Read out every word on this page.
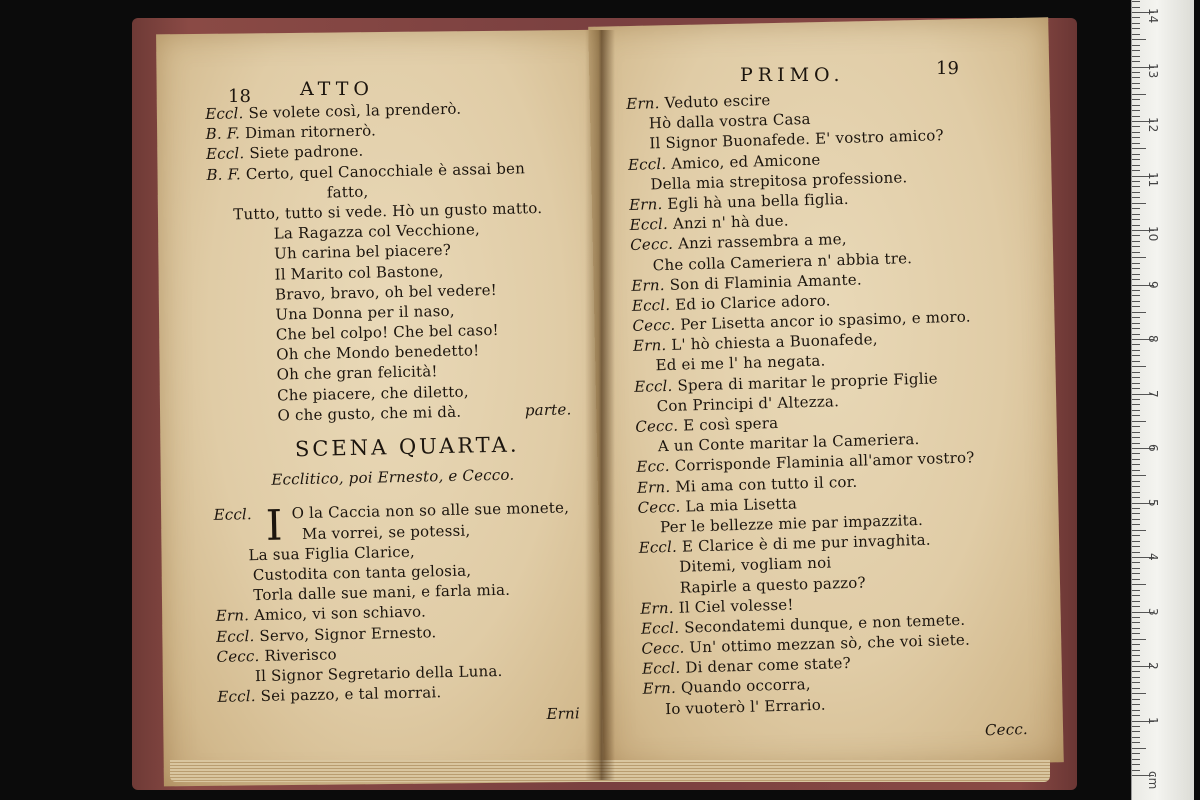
18	ATTO
PRIMO.	19
Eccl. Se volete così, la prenderò.
B. F. Diman ritornerò.
Eccl. Siete padrone.
B. F. Certo, quel Canocchiale è assai ben
fatto,
Tutto, tutto si vede. Hò un gusto matto.
La Ragazza col Vecchione,
Uh carina bel piacere?
Il Marito col Bastone,
Bravo, bravo, oh bel vedere!
Una Donna per il naso,
Che bel colpo! Che bel caso!
Oh che Mondo benedetto!
Oh che gran felicità!
Che piacere, che diletto,
O che gusto, che mi dà.	parte.
SCENA QUARTA.
Ecclitico, poi Ernesto, e Cecco.
I
Eccl.	O la Caccia non so alle sue monete,
Ma vorrei, se potessi,
La sua Figlia Clarice,
Custodita con tanta gelosia,
Torla dalle sue mani, e farla mia.
Ern. Amico, vi son schiavo.
Eccl. Servo, Signor Ernesto.
Cecc. Riverisco
Il Signor Segretario della Luna.
Eccl. Sei pazzo, e tal morrai.
Erni
Ern. Veduto escire
Hò dalla vostra Casa
Il Signor Buonafede. E' vostro amico?
Eccl. Amico, ed Amicone
Della mia strepitosa professione.
Ern. Egli hà una bella figlia.
Eccl. Anzi n' hà due.
Cecc. Anzi rassembra a me,
Che colla Cameriera n' abbia tre.
Ern. Son di Flaminia Amante.
Eccl. Ed io Clarice adoro.
Cecc. Per Lisetta ancor io spasimo, e moro.
Ern. L' hò chiesta a Buonafede,
Ed ei me l' ha negata.
Eccl. Spera di maritar le proprie Figlie
Con Principi d' Altezza.
Cecc. E così spera
A un Conte maritar la Cameriera.
Ecc. Corrisponde Flaminia all'amor vostro?
Ern. Mi ama con tutto il cor.
Cecc. La mia Lisetta
Per le bellezze mie par impazzita.
Eccl. E Clarice è di me pur invaghita.
Ditemi, vogliam noi
Rapirle a questo pazzo?
Ern. Il Ciel volesse!
Eccl. Secondatemi dunque, e non temete.
Cecc. Un' ottimo mezzan sò, che voi siete.
Eccl. Di denar come state?
Ern. Quando occorra,
Io vuoterò l' Errario.
Cecc.
cm
1
2
3
4
5
6
7
8
9
10
11
12
13
14
